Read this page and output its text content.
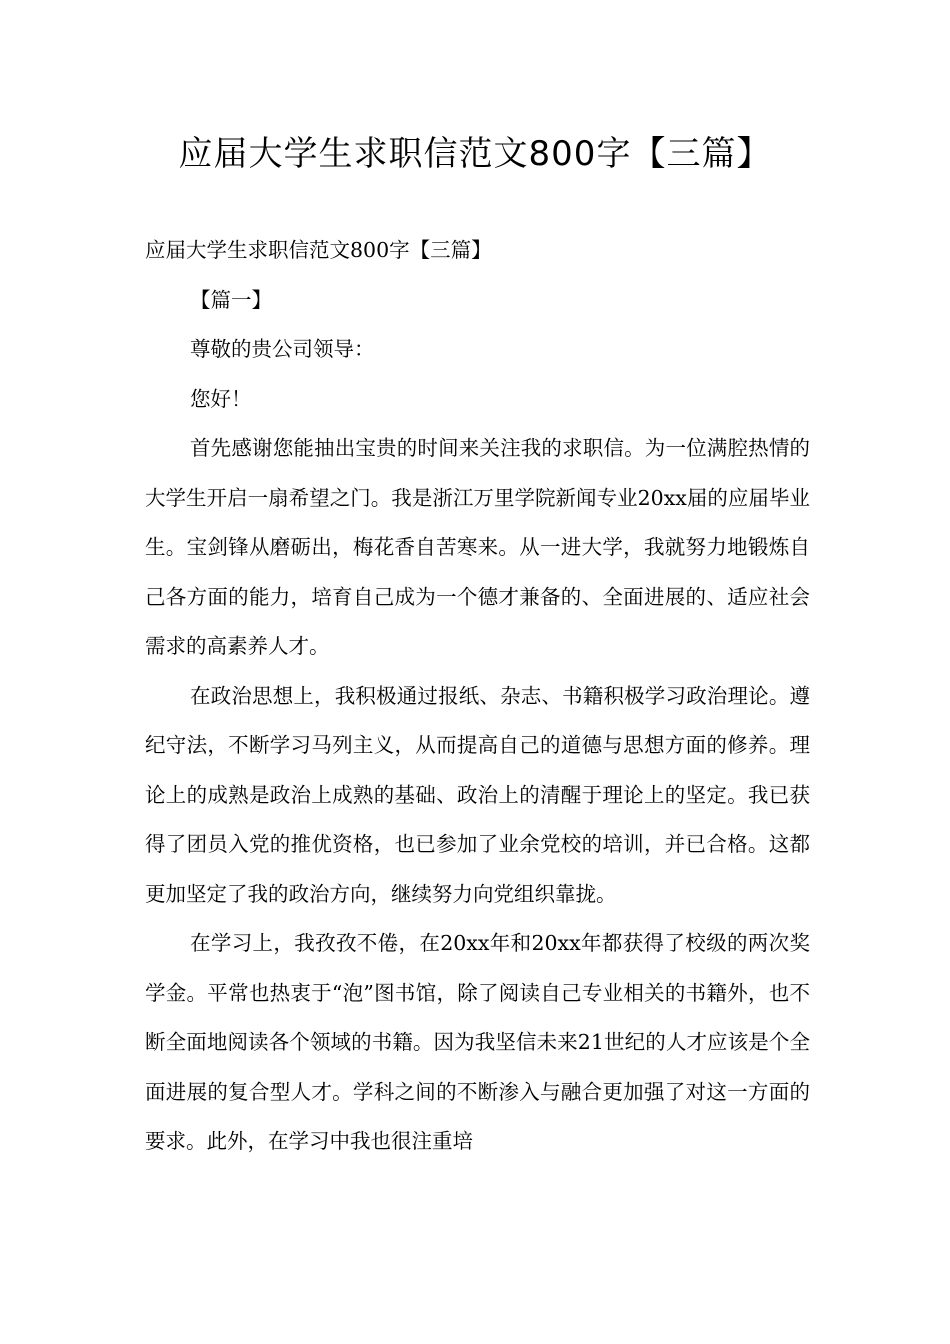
应届大学生求职信范文800字【三篇】

应届大学生求职信范文800字【三篇】

【篇一】

尊敬的贵公司领导：

您好！

首先感谢您能抽出宝贵的时间来关注我的求职信。为一位满腔热情的大学生开启一扇希望之门。我是浙江万里学院新闻专业20xx届的应届毕业生。宝剑锋从磨砺出，梅花香自苦寒来。从一进大学，我就努力地锻炼自己各方面的能力，培育自己成为一个德才兼备的、全面进展的、适应社会需求的高素养人才。

在政治思想上，我积极通过报纸、杂志、书籍积极学习政治理论。遵纪守法，不断学习马列主义，从而提高自己的道德与思想方面的修养。理论上的成熟是政治上成熟的基础、政治上的清醒于理论上的坚定。我已获得了团员入党的推优资格，也已参加了业余党校的培训，并已合格。这都更加坚定了我的政治方向，继续努力向党组织靠拢。

在学习上，我孜孜不倦，在20xx年和20xx年都获得了校级的两次奖学金。平常也热衷于“泡”图书馆，除了阅读自己专业相关的书籍外，也不断全面地阅读各个领域的书籍。因为我坚信未来21世纪的人才应该是个全面进展的复合型人才。学科之间的不断渗入与融合更加强了对这一方面的要求。此外，在学习中我也很注重培
